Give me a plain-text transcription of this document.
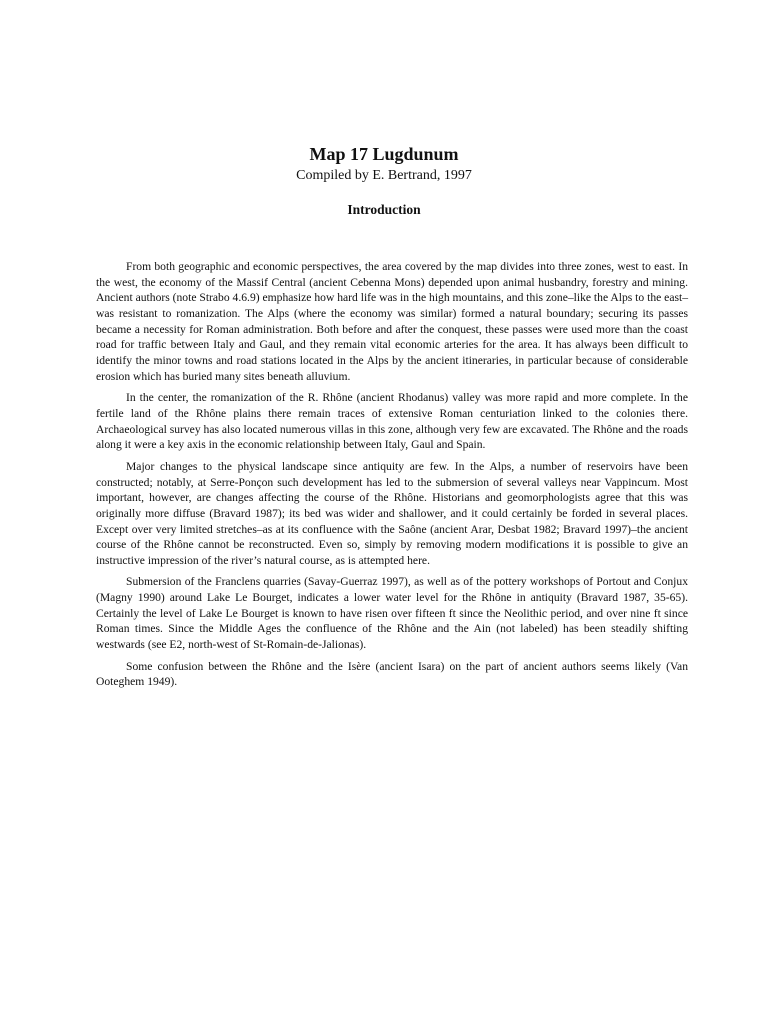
Map 17 Lugdunum
Compiled by E. Bertrand, 1997
Introduction

From both geographic and economic perspectives, the area covered by the map divides into three zones, west to east. In the west, the economy of the Massif Central (ancient Cebenna Mons) depended upon animal husbandry, forestry and mining. Ancient authors (note Strabo 4.6.9) emphasize how hard life was in the high mountains, and this zone–like the Alps to the east–was resistant to romanization. The Alps (where the economy was similar) formed a natural boundary; securing its passes became a necessity for Roman administration. Both before and after the conquest, these passes were used more than the coast road for traffic between Italy and Gaul, and they remain vital economic arteries for the area. It has always been difficult to identify the minor towns and road stations located in the Alps by the ancient itineraries, in particular because of considerable erosion which has buried many sites beneath alluvium.

In the center, the romanization of the R. Rhône (ancient Rhodanus) valley was more rapid and more complete. In the fertile land of the Rhône plains there remain traces of extensive Roman centuriation linked to the colonies there. Archaeological survey has also located numerous villas in this zone, although very few are excavated. The Rhône and the roads along it were a key axis in the economic relationship between Italy, Gaul and Spain.

Major changes to the physical landscape since antiquity are few. In the Alps, a number of reservoirs have been constructed; notably, at Serre-Ponçon such development has led to the submersion of several valleys near Vappincum. Most important, however, are changes affecting the course of the Rhône. Historians and geomorphologists agree that this was originally more diffuse (Bravard 1987); its bed was wider and shallower, and it could certainly be forded in several places. Except over very limited stretches–as at its confluence with the Saône (ancient Arar, Desbat 1982; Bravard 1997)–the ancient course of the Rhône cannot be reconstructed. Even so, simply by removing modern modifications it is possible to give an instructive impression of the river’s natural course, as is attempted here.

Submersion of the Franclens quarries (Savay-Guerraz 1997), as well as of the pottery workshops of Portout and Conjux (Magny 1990) around Lake Le Bourget, indicates a lower water level for the Rhône in antiquity (Bravard 1987, 35-65). Certainly the level of Lake Le Bourget is known to have risen over fifteen ft since the Neolithic period, and over nine ft since Roman times. Since the Middle Ages the confluence of the Rhône and the Ain (not labeled) has been steadily shifting westwards (see E2, north-west of St-Romain-de-Jalionas).

Some confusion between the Rhône and the Isère (ancient Isara) on the part of ancient authors seems likely (Van Ooteghem 1949).
